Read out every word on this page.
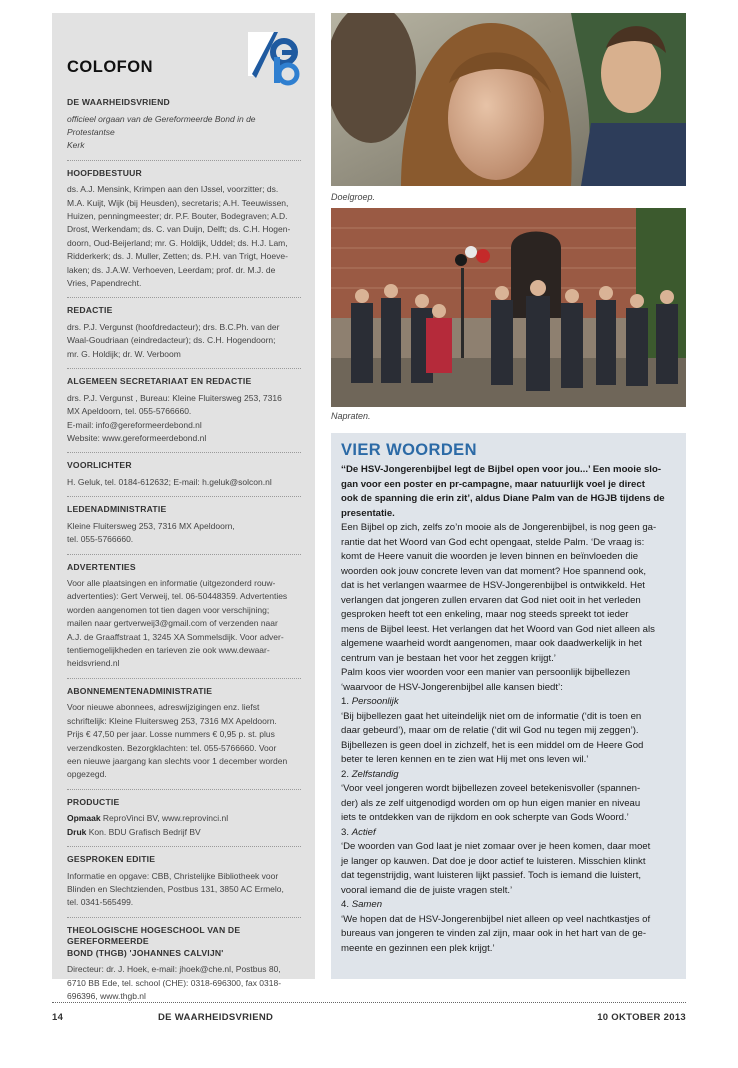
COLOFON
DE WAARHEIDSVRIEND
officieel orgaan van de Gereformeerde Bond in de Protestantse
Kerk
HOOFDBESTUUR
ds. A.J. Mensink, Krimpen aan den IJssel, voorzitter; ds.
M.A. Kuijt, Wijk (bij Heusden), secretaris; A.H. Teeuwissen,
Huizen, penningmeester; dr. P.F. Bouter, Bodegraven; A.D.
Drost, Werkendam; ds. C. van Duijn, Delft; ds. C.H. Hogen-
doorn, Oud-Beijerland; mr. G. Holdijk, Uddel; ds. H.J. Lam,
Ridderkerk; ds. J. Muller, Zetten; ds. P.H. van Trigt, Hoeve-
laken; ds. J.A.W. Verhoeven, Leerdam; prof. dr. M.J. de
Vries, Papendrecht.
REDACTIE
drs. P.J. Vergunst (hoofdredacteur); drs. B.C.Ph. van der
Waal-Goudriaan (eindredacteur); ds. C.H. Hogendoorn;
mr. G. Holdijk; dr. W. Verboom
ALGEMEEN SECRETARIAAT EN REDACTIE
drs. P.J. Vergunst , Bureau: Kleine Fluitersweg 253, 7316
MX Apeldoorn, tel. 055-5766660.
E-mail: info@gereformeerdebond.nl
Website: www.gereformeerdebond.nl
VOORLICHTER
H. Geluk, tel. 0184-612632; E-mail: h.geluk@solcon.nl
LEDENADMINISTRATIE
Kleine Fluitersweg 253, 7316 MX Apeldoorn,
tel. 055-5766660.
ADVERTENTIES
Voor alle plaatsingen en informatie (uitgezonderd rouw-
advertenties): Gert Verweij, tel. 06-50448359. Advertenties
worden aangenomen tot tien dagen voor verschijning;
mailen naar gertverweij3@gmail.com of verzenden naar
A.J. de Graaffstraat 1, 3245 XA Sommelsdijk. Voor adver-
tentiemogelijkheden en tarieven zie ook www.dewaar-
heidsvriend.nl
ABONNEMENTENADMINISTRATIE
Voor nieuwe abonnees, adreswijzigingen enz. liefst
schriftelijk: Kleine Fluitersweg 253, 7316 MX Apeldoorn.
Prijs € 47,50 per jaar. Losse nummers € 0,95 p. st. plus
verzendkosten. Bezorgklachten: tel. 055-5766660. Voor
een nieuwe jaargang kan slechts voor 1 december worden
opgezegd.
PRODUCTIE
Opmaak ReproVinci BV, www.reprovinci.nl
Druk Kon. BDU Grafisch Bedrijf BV
GESPROKEN EDITIE
Informatie en opgave: CBB, Christelijke Bibliotheek voor
Blinden en Slechtzienden, Postbus 131, 3850 AC Ermelo,
tel. 0341-565499.
THEOLOGISCHE HOGESCHOOL VAN DE GEREFORMEERDE
BOND (THGB) 'JOHANNES CALVIJN'
Directeur: dr. J. Hoek, e-mail: jhoek@che.nl, Postbus 80,
6710 BB Ede, tel. school (CHE): 0318-696300, fax 0318-
696396, www.thgb.nl
Doelgroep.
Napraten.
VIER WOORDEN
‘‘De HSV-Jongerenbijbel legt de Bijbel open voor jou...’ Een mooie slo-
gan voor een poster en pr-campagne, maar natuurlijk voel je direct
ook de spanning die erin zit’, aldus Diane Palm van de HGJB tijdens de
presentatie.

Een Bijbel op zich, zelfs zo’n mooie als de Jongerenbijbel, is nog geen ga-
rantie dat het Woord van God echt opengaat, stelde Palm. ‘De vraag is:
komt de Heere vanuit die woorden je leven binnen en beïnvloeden die
woorden ook jouw concrete leven van dat moment? Hoe spannend ook,
dat is het verlangen waarmee de HSV-Jongerenbijbel is ontwikkeld. Het
verlangen dat jongeren zullen ervaren dat God niet ooit in het verleden
gesproken heeft tot een enkeling, maar nog steeds spreekt tot ieder
mens de Bijbel leest. Het verlangen dat het Woord van God niet alleen als
algemene waarheid wordt aangenomen, maar ook daadwerkelijk in het
centrum van je bestaan het voor het zeggen krijgt.’

Palm koos vier woorden voor een manier van persoonlijk bijbellezen
‘waarvoor de HSV-Jongerenbijbel alle kansen biedt’:

1. Persoonlijk

‘Bij bijbellezen gaat het uiteindelijk niet om de informatie (‘dit is toen en
daar gebeurd’), maar om de relatie (‘dit wil God nu tegen mij zeggen’).
Bijbellezen is geen doel in zichzelf, het is een middel om de Heere God
beter te leren kennen en te zien wat Hij met ons leven wil.’

2. Zelfstandig

‘Voor veel jongeren wordt bijbellezen zoveel betekenisvoller (spannen-
der) als ze zelf uitgenodigd worden om op hun eigen manier en niveau
iets te ontdekken van de rijkdom en ook scherpte van Gods Woord.’

3. Actief

‘De woorden van God laat je niet zomaar over je heen komen, daar moet
je langer op kauwen. Dat doe je door actief te luisteren. Misschien klinkt
dat tegenstrijdig, want luisteren lijkt passief. Toch is iemand die luistert,
vooral iemand die de juiste vragen stelt.’

4. Samen

‘We hopen dat de HSV-Jongerenbijbel niet alleen op veel nachtkastjes of
bureaus van jongeren te vinden zal zijn, maar ook in het hart van de ge-
meente en gezinnen een plek krijgt.’

14	DE WAARHEIDSVRIEND	10 OKTOBER 2013
